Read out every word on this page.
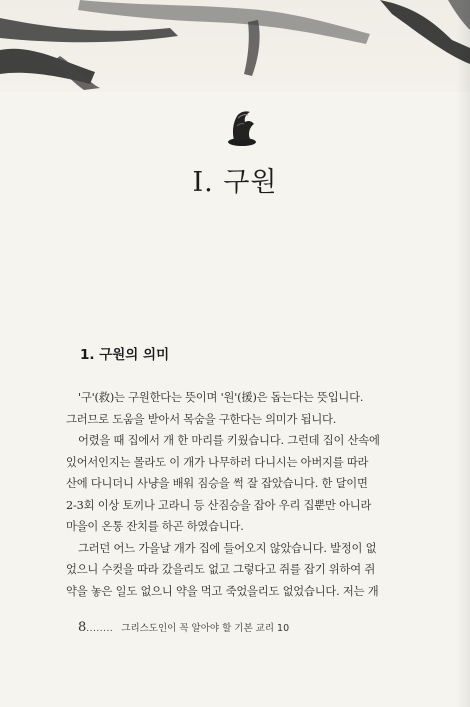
Ⅰ. 구원
1. 구원의 의미
'구'(救)는 구원한다는 뜻이며 '원'(援)은 돕는다는 뜻입니다.
그러므로 도움을 받아서 목숨을 구한다는 의미가 됩니다.
어렸을 때 집에서 개 한 마리를 키웠습니다. 그런데 집이 산속에
있어서인지는 몰라도 이 개가 나무하러 다니시는 아버지를 따라
산에 다니더니 사냥을 배워 짐승을 썩 잘 잡았습니다. 한 달이면
2-3회 이상 토끼나 고라니 등 산짐승을 잡아 우리 집뿐만 아니라
마을이 온통 잔치를 하곤 하였습니다.
그러던 어느 가을날 개가 집에 들어오지 않았습니다. 발정이 없
었으니 수컷을 따라 갔을리도 없고 그렇다고 쥐를 잡기 위하여 쥐
약을 놓은 일도 없으니 약을 먹고 죽었을리도 없었습니다. 저는 개
8........ 그리스도인이 꼭 알아야 할 기본 교리 10
